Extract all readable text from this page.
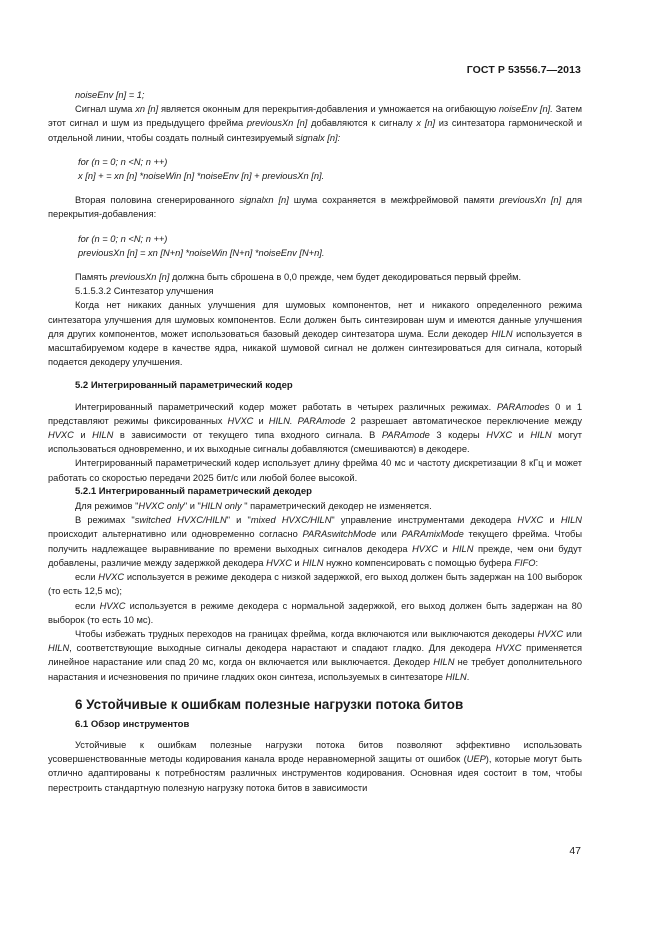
ГОСТ Р 53556.7—2013

noiseEnv [n] = 1;

Сигнал шума xn [n] является оконным для перекрытия-добавления и умножается на огибающую noiseEnv [n]. Затем этот сигнал и шум из предыдущего фрейма previousXn [n] добавляются к сигналу x [n] из синтезатора гармонической и отдельной линии, чтобы создать полный синтезируемый signalx [n]:

for (n = 0; n <N; n ++)

x [n] + = xn [n] *noiseWin [n] *noiseEnv [n] + previousXn [n].

Вторая половина сгенерированного signalxn [n] шума сохраняется в межфреймовой памяти previousXn [n] для перекрытия-добавления:

for (n = 0; n <N; n ++)

previousXn [n] = xn [N+n] *noiseWin [N+n] *noiseEnv [N+n].

Память previousXn [n] должна быть сброшена в 0,0 прежде, чем будет декодироваться первый фрейм.

5.1.5.3.2 Синтезатор улучшения

Когда нет никаких данных улучшения для шумовых компонентов, нет и никакого определенного режима синтезатора улучшения для шумовых компонентов. Если должен быть синтезирован шум и имеются данные улучшения для других компонентов, может использоваться базовый декодер синтезатора шума. Если декодер HILN используется в масштабируемом кодере в качестве ядра, никакой шумовой сигнал не должен синтезироваться для сигнала, который подается декодеру улучшения.

5.2 Интегрированный параметрический кодер

Интегрированный параметрический кодер может работать в четырех различных режимах. PARAmodes 0 и 1 представляют режимы фиксированных HVXC и HILN. PARAmode 2 разрешает автоматическое переключение между HVXC и HILN в зависимости от текущего типа входного сигнала. В PARAmode 3 кодеры HVXC и HILN могут использоваться одновременно, и их выходные сигналы добавляются (смешиваются) в декодере.

Интегрированный параметрический кодер использует длину фрейма 40 мс и частоту дискретизации 8 кГц и может работать со скоростью передачи 2025 бит/с или любой более высокой.

5.2.1 Интегрированный параметрический декодер

Для режимов "HVXC only" и "HILN only " параметрический декодер не изменяется.

В режимах "switched HVXC/HILN" и "mixed HVXC/HILN" управление инструментами декодера HVXC и HILN происходит альтернативно или одновременно согласно PARAswitchMode или PARAmixMode текущего фрейма. Чтобы получить надлежащее выравнивание по времени выходных сигналов декодера HVXC и HILN прежде, чем они будут добавлены, различие между задержкой декодера HVXC и HILN нужно компенсировать с помощью буфера FIFO:

если HVXC используется в режиме декодера с низкой задержкой, его выход должен быть задержан на 100 выборок (то есть 12,5 мс);

если HVXC используется в режиме декодера с нормальной задержкой, его выход должен быть задержан на 80 выборок (то есть 10 мс).

Чтобы избежать трудных переходов на границах фрейма, когда включаются или выключаются декодеры HVXC или HILN, соответствующие выходные сигналы декодера нарастают и спадают гладко. Для декодера HVXC применяется линейное нарастание или спад 20 мс, когда он включается или выключается. Декодер HILN не требует дополнительного нарастания и исчезновения по причине гладких окон синтеза, используемых в синтезаторе HILN.

6 Устойчивые к ошибкам полезные нагрузки потока битов

6.1 Обзор инструментов

Устойчивые к ошибкам полезные нагрузки потока битов позволяют эффективно использовать усовершенствованные методы кодирования канала вроде неравномерной защиты от ошибок (UEP), которые могут быть отлично адаптированы к потребностям различных инструментов кодирования. Основная идея состоит в том, чтобы перестроить стандартную полезную нагрузку потока битов в зависимости

47
